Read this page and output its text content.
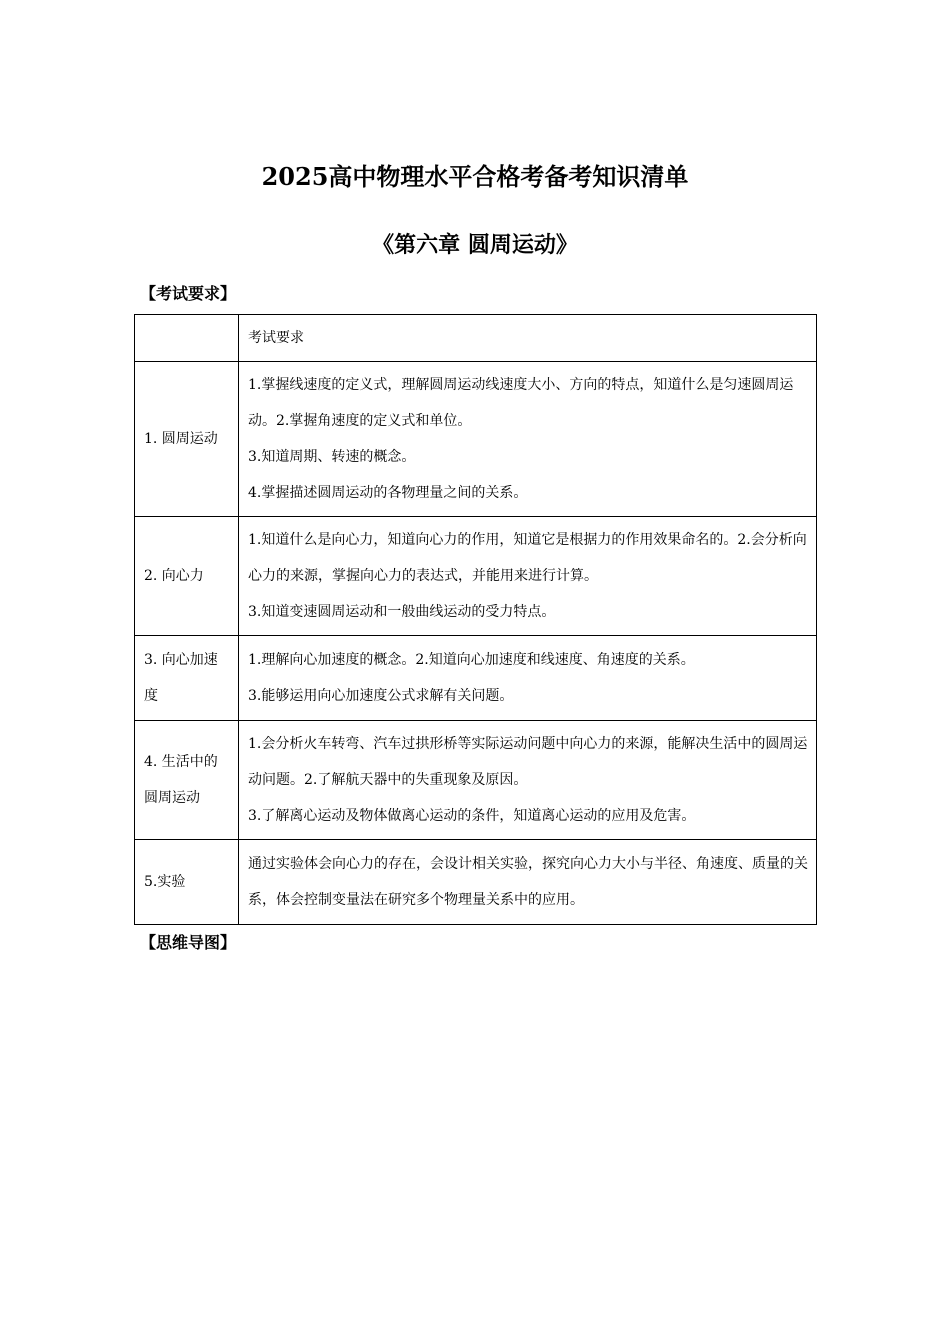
2025高中物理水平合格考备考知识清单
《第六章 圆周运动》
【考试要求】
	考试要求
1. 圆周运动	1.掌握线速度的定义式，理解圆周运动线速度大小、方向的特点，知道什么是匀速圆周运动。2.掌握角速度的定义式和单位。
3.知道周期、转速的概念。
4.掌握描述圆周运动的各物理量之间的关系。

2. 向心力	1.知道什么是向心力，知道向心力的作用，知道它是根据力的作用效果命名的。2.会分析向心力的来源，掌握向心力的表达式，并能用来进行计算。
3.知道变速圆周运动和一般曲线运动的受力特点。

3. 向心加速度	1.理解向心加速度的概念。2.知道向心加速度和线速度、角速度的关系。
3.能够运用向心加速度公式求解有关问题。

4. 生活中的圆周运动	1.会分析火车转弯、汽车过拱形桥等实际运动问题中向心力的来源，能解决生活中的圆周运动问题。2.了解航天器中的失重现象及原因。
3.了解离心运动及物体做离心运动的条件，知道离心运动的应用及危害。

5.实验	通过实验体会向心力的存在，会设计相关实验，探究向心力大小与半径、角速度、质量的关系，体会控制变量法在研究多个物理量关系中的应用。
【思维导图】
